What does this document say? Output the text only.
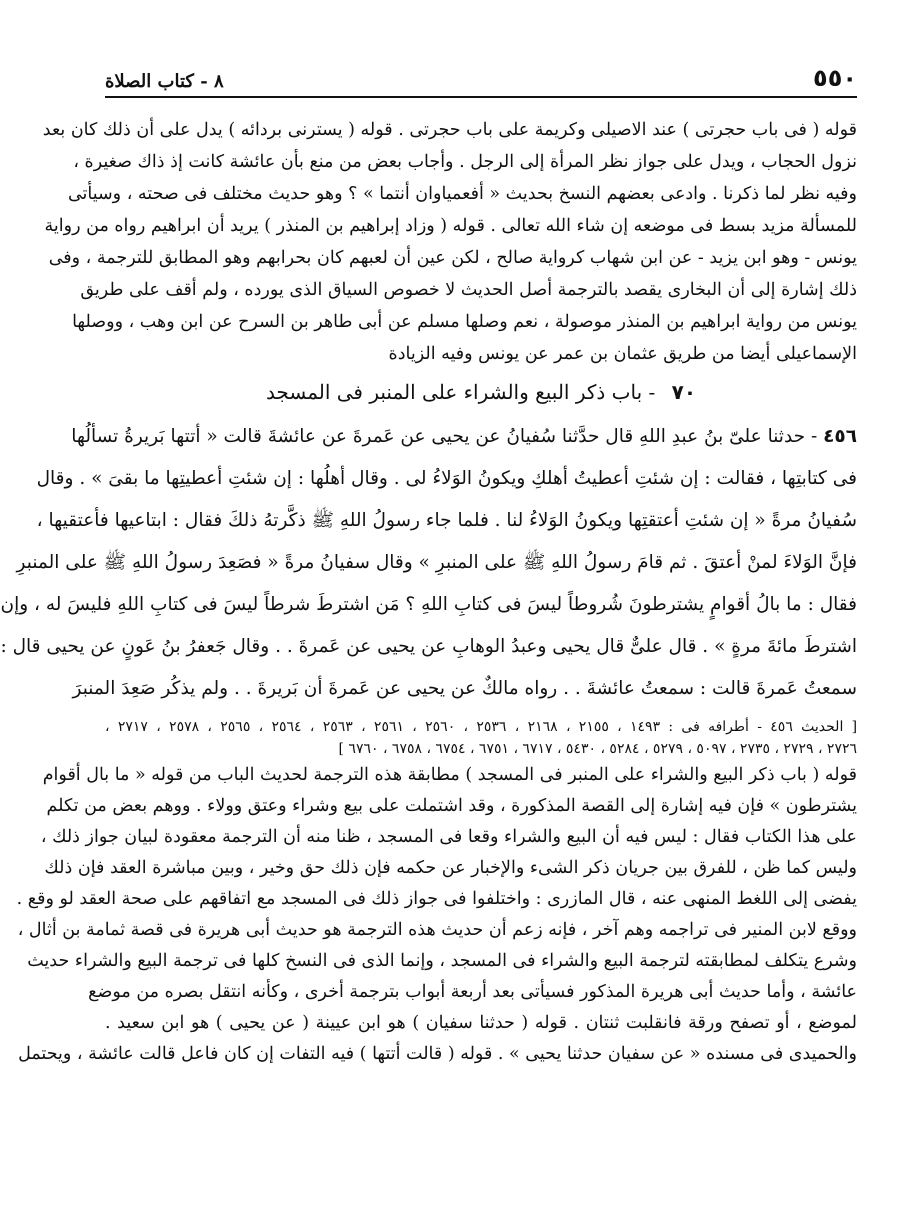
٥٥٠
٨ - كتاب الصلاة
قوله ( فى باب حجرتى ) عند الاصيلى وكريمة على باب حجرتى . قوله ( يسترنى بردائه ) يدل على أن ذلك كان بعد
نزول الحجاب ، ويدل على جواز نظر المرأة إلى الرجل . وأجاب بعض من منع بأن عائشة كانت إذ ذاك صغيرة ،
وفيه نظر لما ذكرنا . وادعى بعضهم النسخ بحديث « أفعمياوان أنتما » ؟ وهو حديث مختلف فى صحته ، وسيأتى
للمسألة مزيد بسط فى موضعه إن شاء الله تعالى . قوله ( وزاد إبراهيم بن المنذر ) يريد أن ابراهيم رواه من رواية
يونس - وهو ابن يزيد - عن ابن شهاب كرواية صالح ، لكن عين أن لعبهم كان بحرابهم وهو المطابق للترجمة ، وفى
ذلك إشارة إلى أن البخارى يقصد بالترجمة أصل الحديث لا خصوص السياق الذى يورده ، ولم أقف على طريق
يونس من رواية ابراهيم بن المنذر موصولة ، نعم وصلها مسلم عن أبى طاهر بن السرح عن ابن وهب ، ووصلها
الإسماعيلى أيضا من طريق عثمان بن عمر عن يونس وفيه الزيادة
٧٠ - باب ذكر البيع والشراء على المنبر فى المسجد
٤٥٦ - حدثنا علىّ بنُ عبدِ اللهِ قال حدَّثنا سُفيانُ عن يحيى عن عَمرةَ عن عائشةَ قالت « أتتها بَريرةُ تسألُها
فى كتابتِها ، فقالت : إن شئتِ أعطيتُ أهلكِ ويكونُ الوَلاءُ لى . وقال أهلُها : إن شئتِ أعطيتِها ما بقىَ » . وقال
سُفيانُ مرةً « إن شئتِ أعتقتِها ويكونُ الوَلاءُ لنا . فلما جاء رسولُ اللهِ ﷺ ذكَّرتهُ ذلكَ فقال : ابتاعيها فأعتقيها ،
فإنَّ الوَلاءَ لمنْ أعتقَ . ثم قامَ رسولُ اللهِ ﷺ على المنبرِ » وقال سفيانُ مرةً « فصَعِدَ رسولُ اللهِ ﷺ على المنبرِ
فقال : ما بالُ أقوامٍ يشترطونَ شُروطاً ليسَ فى كتابِ اللهِ ؟ مَن اشترطَ شرطاً ليسَ فى كتابِ اللهِ فليسَ له ، وإن
اشترطَ مائةَ مرةٍ » . قال علىٌّ قال يحيى وعبدُ الوهابِ عن يحيى عن عَمرةَ . . وقال جَعفرُ بنُ عَونٍ عن يحيى قال :
سمعتُ عَمرةَ قالت : سمعتُ عائشةَ . . رواه مالكٌ عن يحيى عن عَمرةَ أن بَريرةَ . . ولم يذكُر صَعِدَ المنبرَ
[ الحديث ٤٥٦ - أطرافه فى : ١٤٩٣ ، ٢١٥٥ ، ٢١٦٨ ، ٢٥٣٦ ، ٢٥٦٠ ، ٢٥٦١ ، ٢٥٦٣ ، ٢٥٦٤ ، ٢٥٦٥ ، ٢٥٧٨ ، ٢٧١٧ ،
٢٧٢٦ ، ٢٧٢٩ ، ٢٧٣٥ ، ٥٠٩٧ ، ٥٢٧٩ ، ٥٢٨٤ ، ٥٤٣٠ ، ٦٧١٧ ، ٦٧٥١ ، ٦٧٥٤ ، ٦٧٥٨ ، ٦٧٦٠ ]
قوله ( باب ذكر البيع والشراء على المنبر فى المسجد ) مطابقة هذه الترجمة لحديث الباب من قوله « ما بال أقوام
يشترطون » فإن فيه إشارة إلى القصة المذكورة ، وقد اشتملت على بيع وشراء وعتق وولاء . ووهم بعض من تكلم
على هذا الكتاب فقال : ليس فيه أن البيع والشراء وقعا فى المسجد ، ظنا منه أن الترجمة معقودة لبيان جواز ذلك ،
وليس كما ظن ، للفرق بين جريان ذكر الشىء والإخبار عن حكمه فإن ذلك حق وخير ، وبين مباشرة العقد فإن ذلك
يفضى إلى اللغط المنهى عنه ، قال المازرى : واختلفوا فى جواز ذلك فى المسجد مع اتفاقهم على صحة العقد لو وقع .
ووقع لابن المنير فى تراجمه وهم آخر ، فإنه زعم أن حديث هذه الترجمة هو حديث أبى هريرة فى قصة ثمامة بن أثال ،
وشرع يتكلف لمطابقته لترجمة البيع والشراء فى المسجد ، وإنما الذى فى النسخ كلها فى ترجمة البيع والشراء حديث
عائشة ، وأما حديث أبى هريرة المذكور فسيأتى بعد أربعة أبواب بترجمة أخرى ، وكأنه انتقل بصره من موضع
لموضع ، أو تصفح ورقة فانقلبت ثنتان . قوله ( حدثنا سفيان ) هو ابن عيينة ( عن يحيى ) هو ابن سعيد .
والحميدى فى مسنده « عن سفيان حدثنا يحيى » . قوله ( قالت أتتها ) فيه التفات إن كان فاعل قالت عائشة ، ويحتمل
